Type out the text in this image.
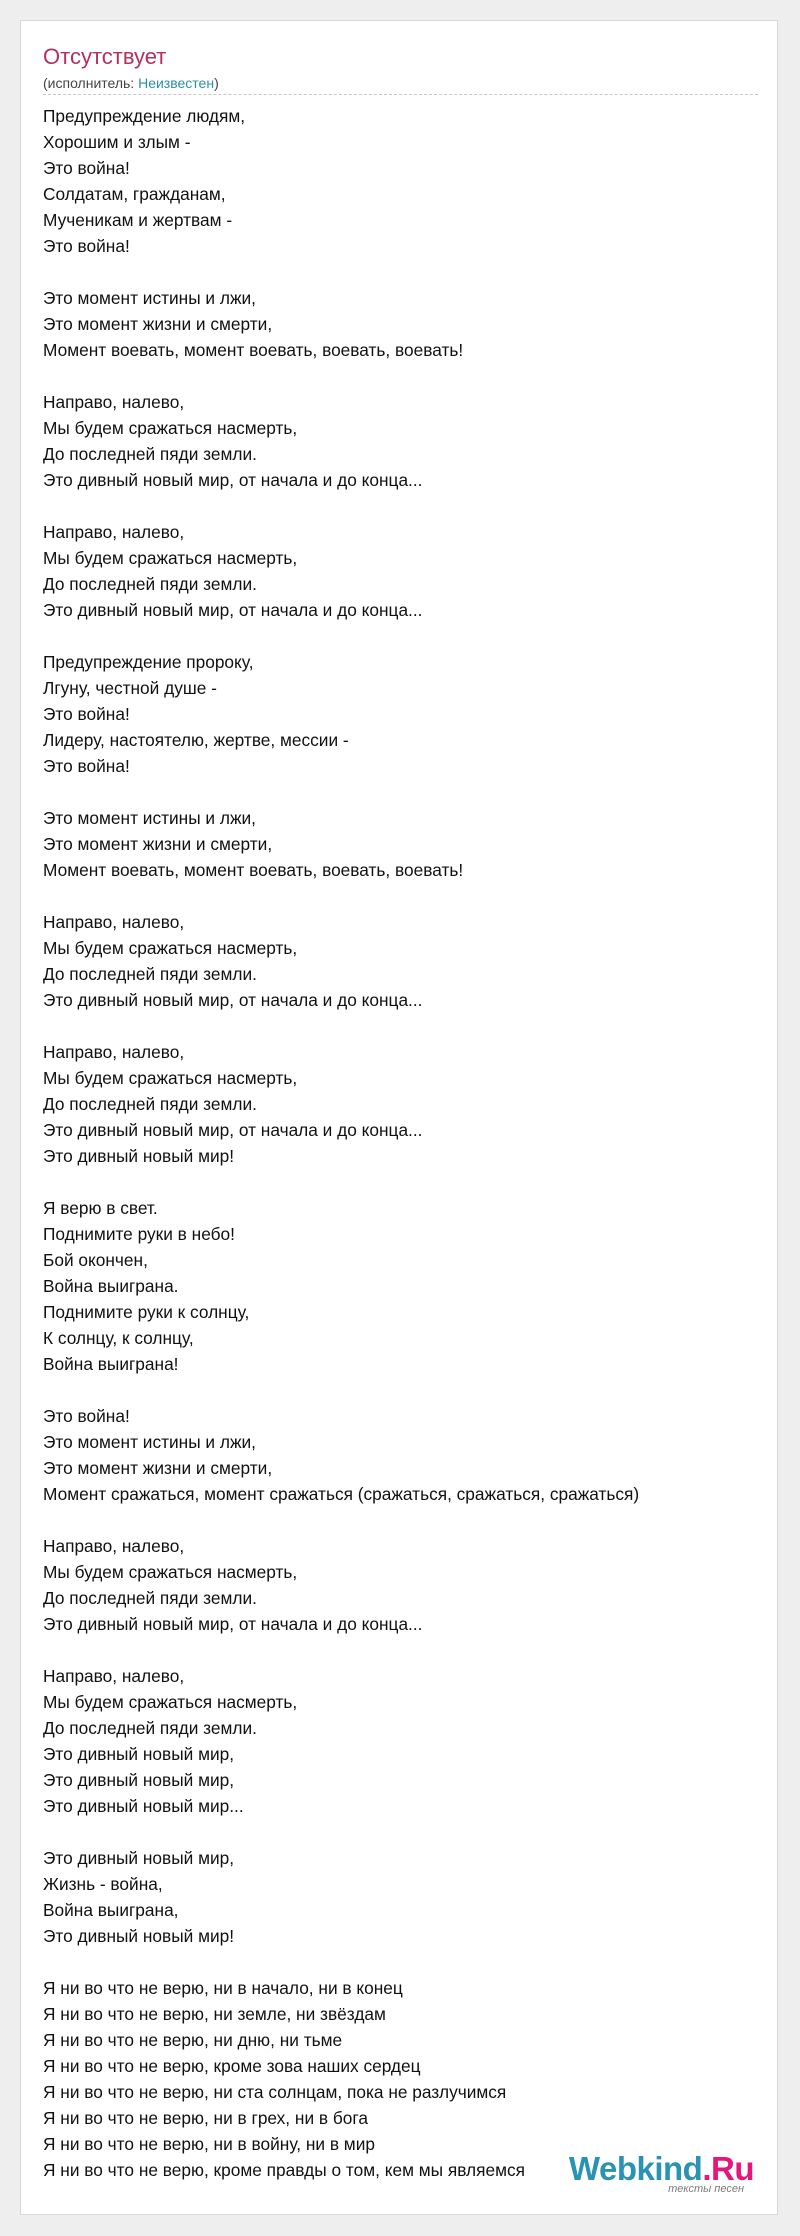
Отсутствует
(исполнитель: Неизвестен)
Предупреждение людям,
Хорошим и злым -
Это война!
Солдатам, гражданам,
Мученикам и жертвам -
Это война!
Это момент истины и лжи,
Это момент жизни и смерти,
Момент воевать, момент воевать, воевать, воевать!
Направо, налево,
Мы будем сражаться насмерть,
До последней пяди земли.
Это дивный новый мир, от начала и до конца...
Направо, налево,
Мы будем сражаться насмерть,
До последней пяди земли.
Это дивный новый мир, от начала и до конца...
Предупреждение пророку,
Лгуну, честной душе -
Это война!
Лидеру, настоятелю, жертве, мессии -
Это война!
Это момент истины и лжи,
Это момент жизни и смерти,
Момент воевать, момент воевать, воевать, воевать!
Направо, налево,
Мы будем сражаться насмерть,
До последней пяди земли.
Это дивный новый мир, от начала и до конца...
Направо, налево,
Мы будем сражаться насмерть,
До последней пяди земли.
Это дивный новый мир, от начала и до конца...
Это дивный новый мир!
Я верю в свет.
Поднимите руки в небо!
Бой окончен,
Война выиграна.
Поднимите руки к солнцу,
К солнцу, к солнцу,
Война выиграна!
Это война!
Это момент истины и лжи,
Это момент жизни и смерти,
Момент сражаться, момент сражаться (сражаться, сражаться, сражаться)
Направо, налево,
Мы будем сражаться насмерть,
До последней пяди земли.
Это дивный новый мир, от начала и до конца...
Направо, налево,
Мы будем сражаться насмерть,
До последней пяди земли.
Это дивный новый мир,
Это дивный новый мир,
Это дивный новый мир...
Это дивный новый мир,
Жизнь - война,
Война выиграна,
Это дивный новый мир!
Я ни во что не верю, ни в начало, ни в конец
Я ни во что не верю, ни земле, ни звёздам
Я ни во что не верю, ни дню, ни тьме
Я ни во что не верю, кроме зова наших сердец
Я ни во что не верю, ни ста солнцам, пока не разлучимся
Я ни во что не верю, ни в грех, ни в бога
Я ни во что не верю, ни в войну, ни в мир
Я ни во что не верю, кроме правды о том, кем мы являемся	Webkind.Ru
тексты песен
